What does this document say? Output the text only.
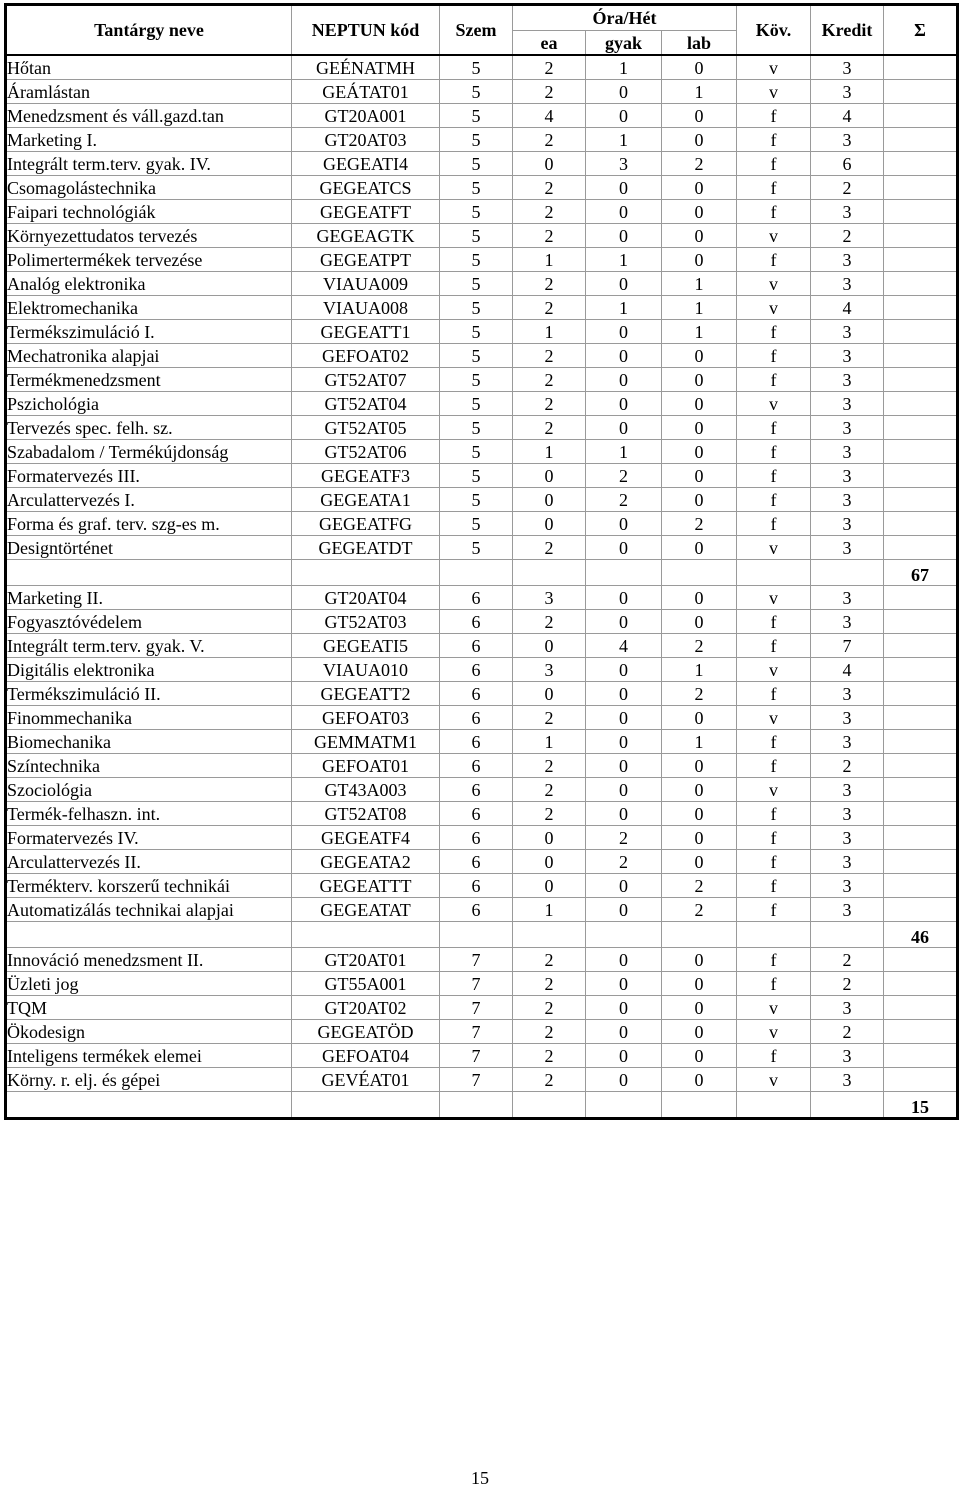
Tantárgy neve	NEPTUN kód	Szem	Óra/Hét			Köv.	Kredit	Σ
			ea	gyak	lab			
Hőtan	GEÉNATMH	5	2	1	0	v	3	
Áramlástan	GEÁTAT01	5	2	0	1	v	3	
Menedzsment és váll.gazd.tan	GT20A001	5	4	0	0	f	4	
Marketing I.	GT20AT03	5	2	1	0	f	3	
Integrált term.terv. gyak. IV.	GEGEATI4	5	0	3	2	f	6	
Csomagolástechnika	GEGEATCS	5	2	0	0	f	2	
Faipari technológiák	GEGEATFT	5	2	0	0	f	3	
Környezettudatos tervezés	GEGEAGTK	5	2	0	0	v	2	
Polimertermékek tervezése	GEGEATPT	5	1	1	0	f	3	
Analóg elektronika	VIAUA009	5	2	0	1	v	3	
Elektromechanika	VIAUA008	5	2	1	1	v	4	
Termékszimuláció I.	GEGEATT1	5	1	0	1	f	3	
Mechatronika alapjai	GEFOAT02	5	2	0	0	f	3	
Termékmenedzsment	GT52AT07	5	2	0	0	f	3	
Pszichológia	GT52AT04	5	2	0	0	v	3	
Tervezés spec. felh. sz.	GT52AT05	5	2	0	0	f	3	
Szabadalom / Termékújdonság	GT52AT06	5	1	1	0	f	3	
Formatervezés III.	GEGEATF3	5	0	2	0	f	3	
Arculattervezés I.	GEGEATA1	5	0	2	0	f	3	
Forma és graf. terv. szg-es m.	GEGEATFG	5	0	0	2	f	3	
Designtörténet	GEGEATDT	5	2	0	0	v	3	
								67
Marketing II.	GT20AT04	6	3	0	0	v	3	
Fogyasztóvédelem	GT52AT03	6	2	0	0	f	3	
Integrált term.terv. gyak. V.	GEGEATI5	6	0	4	2	f	7	
Digitális elektronika	VIAUA010	6	3	0	1	v	4	
Termékszimuláció II.	GEGEATT2	6	0	0	2	f	3	
Finommechanika	GEFOAT03	6	2	0	0	v	3	
Biomechanika	GEMMATM1	6	1	0	1	f	3	
Színtechnika	GEFOAT01	6	2	0	0	f	2	
Szociológia	GT43A003	6	2	0	0	v	3	
Termék-felhaszn. int.	GT52AT08	6	2	0	0	f	3	
Formatervezés IV.	GEGEATF4	6	0	2	0	f	3	
Arculattervezés II.	GEGEATA2	6	0	2	0	f	3	
Termékterv. korszerű technikái	GEGEATTT	6	0	0	2	f	3	
Automatizálás technikai alapjai	GEGEATAT	6	1	0	2	f	3	
								46
Innováció menedzsment II.	GT20AT01	7	2	0	0	f	2	
Üzleti jog	GT55A001	7	2	0	0	f	2	
TQM	GT20AT02	7	2	0	0	v	3	
Ökodesign	GEGEATÖD	7	2	0	0	v	2	
Inteligens termékek elemei	GEFOAT04	7	2	0	0	f	3	
Körny. r. elj. és gépei	GEVÉAT01	7	2	0	0	v	3	
								15
15
